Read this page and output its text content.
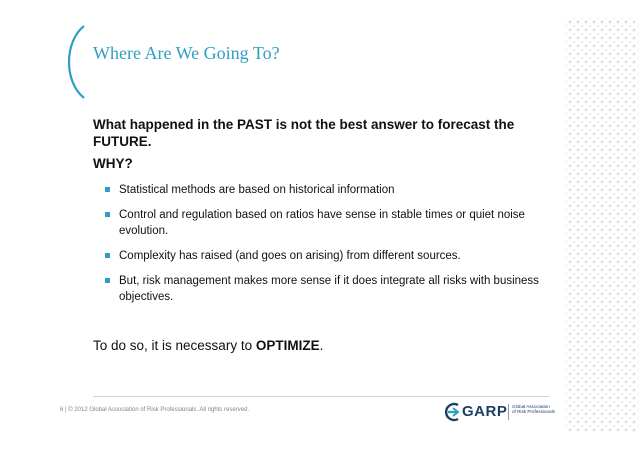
Where Are We Going To?

What happened in the PAST is not the best answer to forecast the FUTURE.

WHY?

Statistical methods are based on historical information
Control and regulation based on ratios have sense in stable times or quiet noise evolution.
Complexity has raised (and goes on arising) from different sources.
But, risk management makes more sense if it does integrate all risks with business objectives.

To do so, it is necessary to OPTIMIZE.

6 | © 2012 Global Association of Risk Professionals. All rights reserved.	GARP Global Association
of Risk Professionals
